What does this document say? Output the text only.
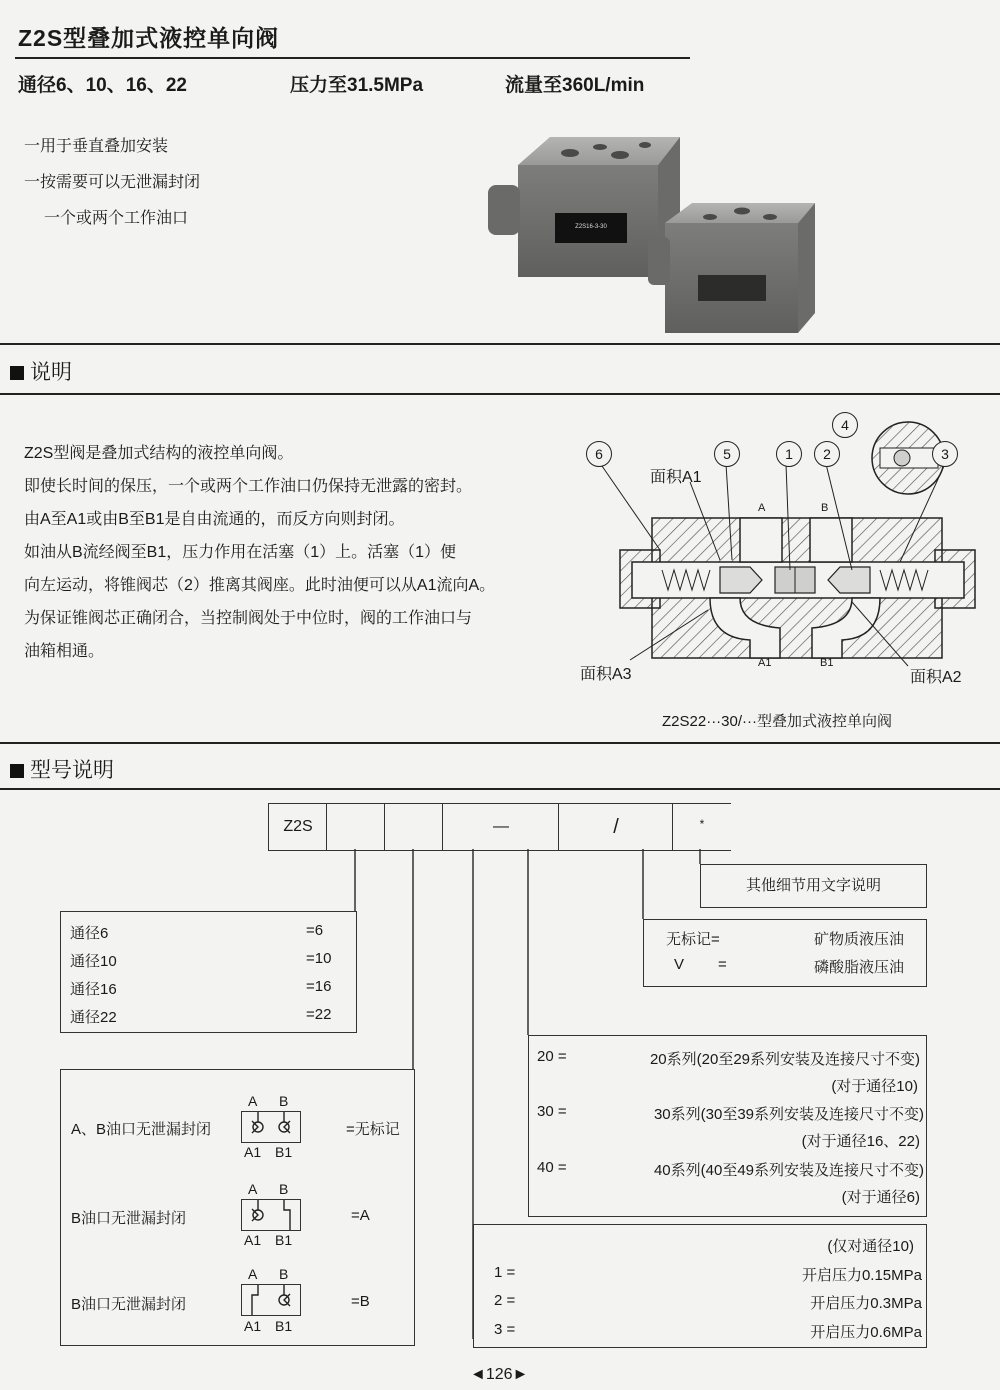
Z2S型叠加式液控单向阀
通径6、10、16、22	压力至31.5MPa	流量至360L/min
一用于垂直叠加安装
一按需要可以无泄漏封闭
一个或两个工作油口	Z2S16-3-30
说明

Z2S型阀是叠加式结构的液控单向阀。

即使长时间的保压，一个或两个工作油口仍保持无泄露的密封。

由A至A1或由B至B1是自由流通的，而反方向则封闭。

如油从B流经阀至B1，压力作用在活塞（1）上。活塞（1）便

向左运动，将锥阀芯（2）推离其阀座。此时油便可以从A1流向A。

为保证锥阀芯正确闭合，当控制阀处于中位时，阀的工作油口与

油箱相通。

面积A1
面积A3	面积A2
A	B
A1	B1
6	5	1	2
4
3
Z2S22···30/···型叠加式液控单向阀
型号说明
Z2S	—	/	*
其他细节用文字说明
无标记=	矿物质液压油
V =	磷酸脂液压油
通径6	=6
通径10	=10
通径16	=16
通径22	=22
20 =	20系列(20至29系列安装及连接尺寸不变)
(对于通径10)
30 =	30系列(30至39系列安装及连接尺寸不变)
(对于通径16、22)
40 =	40系列(40至49系列安装及连接尺寸不变)
(对于通径6)
A、B油口无泄漏封闭	=无标记
B油口无泄漏封闭	=A
B油口无泄漏封闭	=B
A B
A1 B1
A B
A1 B1
A B
A1 B1
(仅对通径10)
1 =	开启压力0.15MPa
2 =	开启压力0.3MPa
3 =	开启压力0.6MPa
◄126►
